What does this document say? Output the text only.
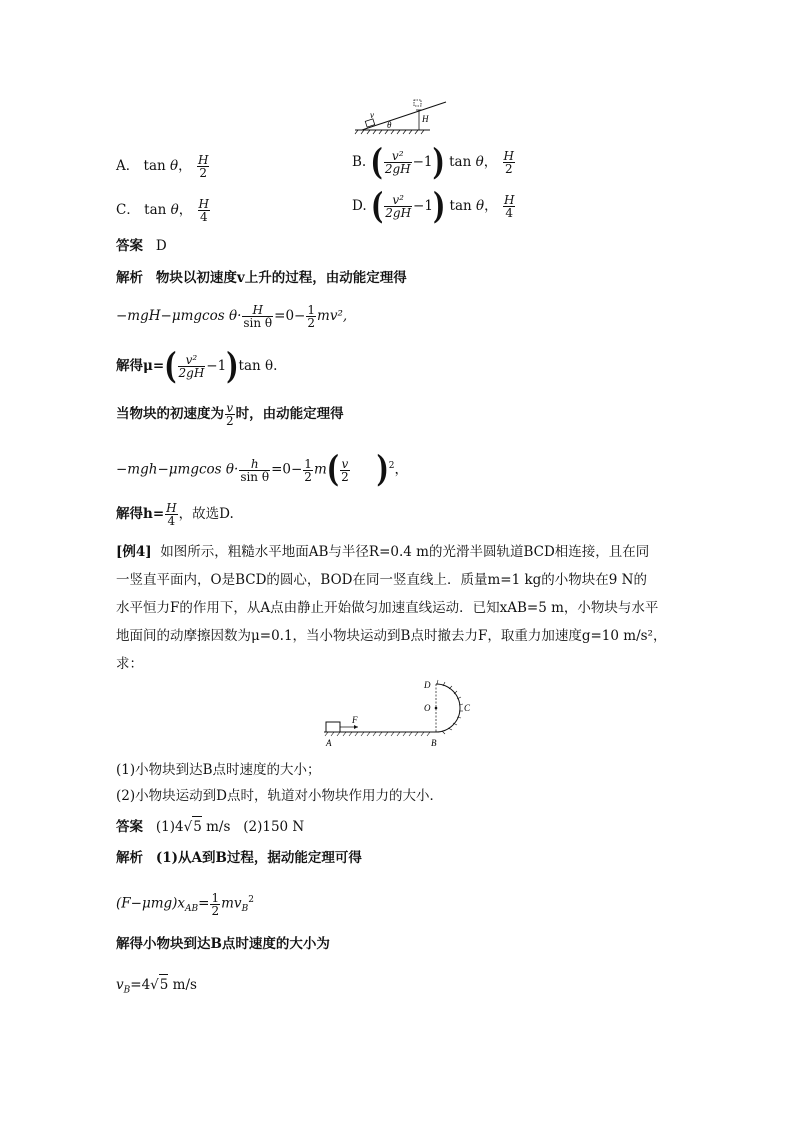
v
θ
H
A． tan θ， $\frac{H}{2}$	B. ( $\frac{\text{v²}}{2gH} -1$) tan θ， $\frac{H}{2}$
C． tan θ， $\frac{H}{4}$	D. ( $\frac{\text{v²}}{2gH} -1$) tan θ， $\frac{H}{4}$
答案 D
解析 物块以初速度v上升的过程，由动能定理得
−mgH−μmgcos $\theta\cdot \frac{H}{\text{sin θ}} =0- \frac{1}{2} mv^2$,
解得$\mu=( \frac{\text{v²}}{2gH} -1)\tan$ θ.
当物块的初速度为 $\frac{v}{2}$ 时，由动能定理得
−mgh−μmgcos $\theta\cdot \frac{h}{\text{sin θ}} =0- \frac{1}{2} m( \frac{v}{2} )^2$，
解得$h= \frac{H}{4}$ ，故选D.
[例4] 如图所示，粗糙水平地面AB与半径R=0.4 m的光滑半圆轨道BCD相连接，且在同
一竖直平面内，O是BCD的圆心，BOD在同一竖直线上．质量m=1 kg的小物块在9 N的
水平恒力F的作用下，从A点由静止开始做匀加速直线运动．已知xAB=5 m，小物块与水平
地面间的动摩擦因数为μ=0.1，当小物块运动到B点时撤去力F，取重力加速度g=10 m/s²，
求：
D
O	C
F
A	B
(1)小物块到达B点时速度的大小；
(2)小物块运动到D点时，轨道对小物块作用力的大小．
答案 (1)4√5 m/s (2)150 N
解析 (1)从A到B过程，据动能定理可得
$(F-\mu mg)x_{AB}= \frac{1}{2} mv_B^2$
解得小物块到达B点时速度的大小为
$v_B=4√5$ m/s
